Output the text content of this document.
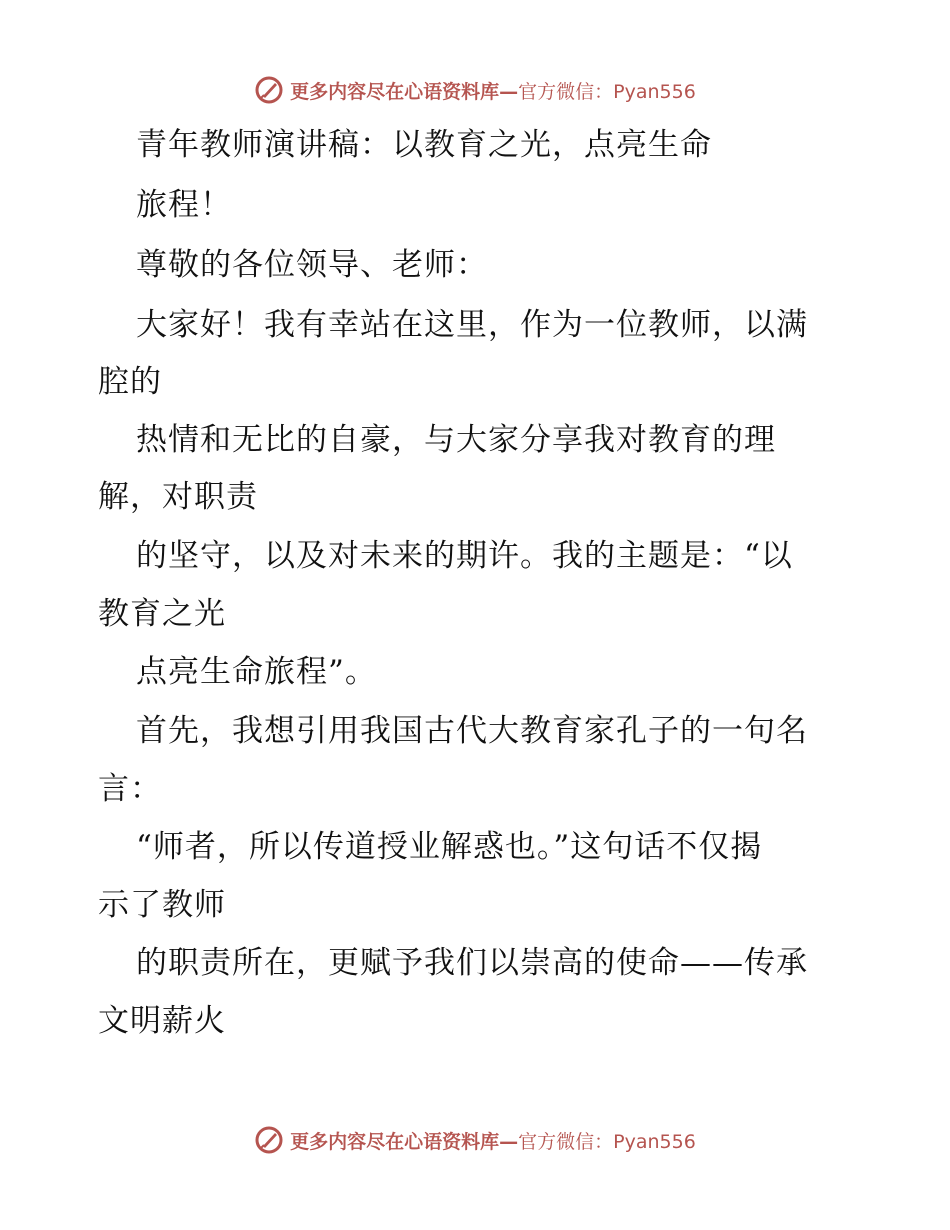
更多内容尽在心语资料库—官方微信：Pyan556
青年教师演讲稿：以教育之光，点亮生命
旅程！
尊敬的各位领导、老师：
大家好！我有幸站在这里，作为一位教师，以满
腔的
热情和无比的自豪，与大家分享我对教育的理
解，对职责
的坚守，以及对未来的期许。我的主题是：“以
教育之光
点亮生命旅程”。
首先，我想引用我国古代大教育家孔子的一句名
言：
“师者，所以传道授业解惑也。”这句话不仅揭
示了教师
的职责所在，更赋予我们以崇高的使命——传承
文明薪火
更多内容尽在心语资料库—官方微信：Pyan556
